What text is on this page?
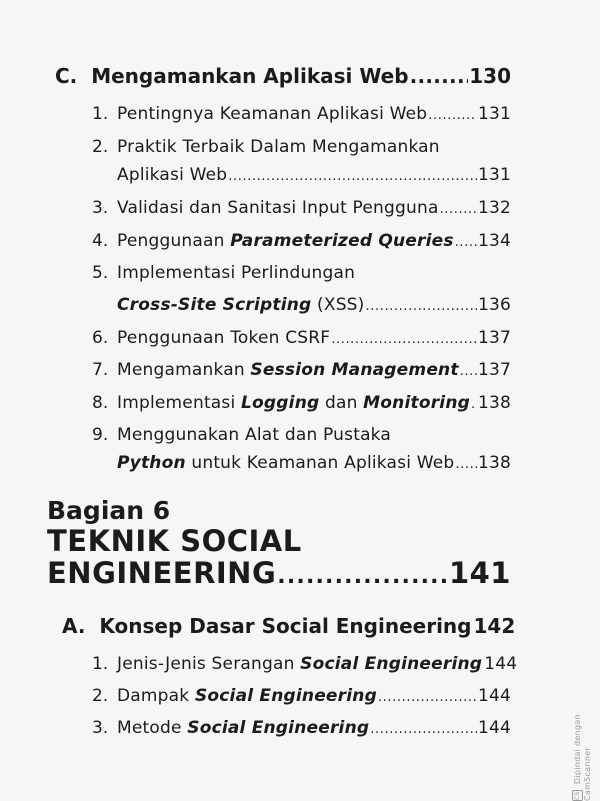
C. Mengamankan Aplikasi Web .....	130
1. Pentingnya Keamanan Aplikasi Web .....	131
2. Praktik Terbaik Dalam Mengamankan
Aplikasi Web .....	131
3. Validasi dan Sanitasi Input Pengguna ..... 132
4. Penggunaan Parameterized Queries ..... 134
5. Implementasi Perlindungan
Cross-Site Scripting (XSS) .....	136
6. Penggunaan Token CSRF .....	137
7. Mengamankan Session Management ..... 137
8. Implementasi Logging dan Monitoring ..... 138
9. Menggunakan Alat dan Pustaka
Python untuk Keamanan Aplikasi Web ..... 138
Bagian 6
TEKNIK SOCIAL
ENGINEERING .....	141
A. Konsep Dasar Social Engineering 142
1. Jenis-Jenis Serangan Social Engineering 144
2. Dampak Social Engineering .....	144
3. Metode Social Engineering .....	144
CS Dipindai dengan CamScanner
